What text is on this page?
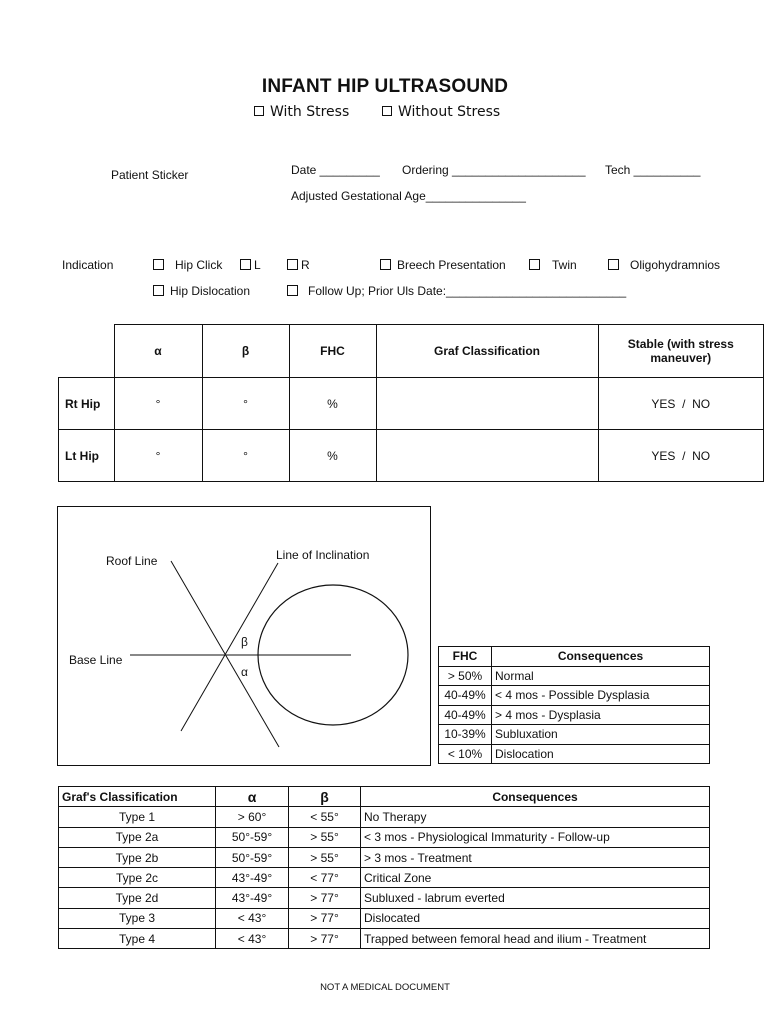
INFANT HIP ULTRASOUND
With Stress	Without Stress
Patient Sticker	Date _________ Ordering ____________________ Tech __________
Adjusted Gestational Age_______________
Indication	Hip Click	L	R	Breech Presentation	Twin	Oligohydramnios
Hip Dislocation	Follow Up; Prior Uls Date:___________________________
	α	β	FHC	Graf Classification	Stable (with stress maneuver)
Rt Hip	°	°	%		YES  /  NO
Lt Hip	°	°	%		YES  /  NO
Roof Line	Line of Inclination
Base Line
β
α
FHC	Consequences
> 50%	Normal
40-49%	< 4 mos - Possible Dysplasia
40-49%	> 4 mos - Dysplasia
10-39%	Subluxation
< 10%	Dislocation
Graf's Classification	α	β	Consequences
Type 1	> 60°	< 55°	No Therapy
Type 2a	50°-59°	> 55°	< 3 mos - Physiological Immaturity - Follow-up
Type 2b	50°-59°	> 55°	> 3 mos - Treatment
Type 2c	43°-49°	< 77°	Critical Zone
Type 2d	43°-49°	> 77°	Subluxed - labrum everted
Type 3	< 43°	> 77°	Dislocated
Type 4	< 43°	> 77°	Trapped between femoral head and ilium - Treatment
NOT A MEDICAL DOCUMENT
